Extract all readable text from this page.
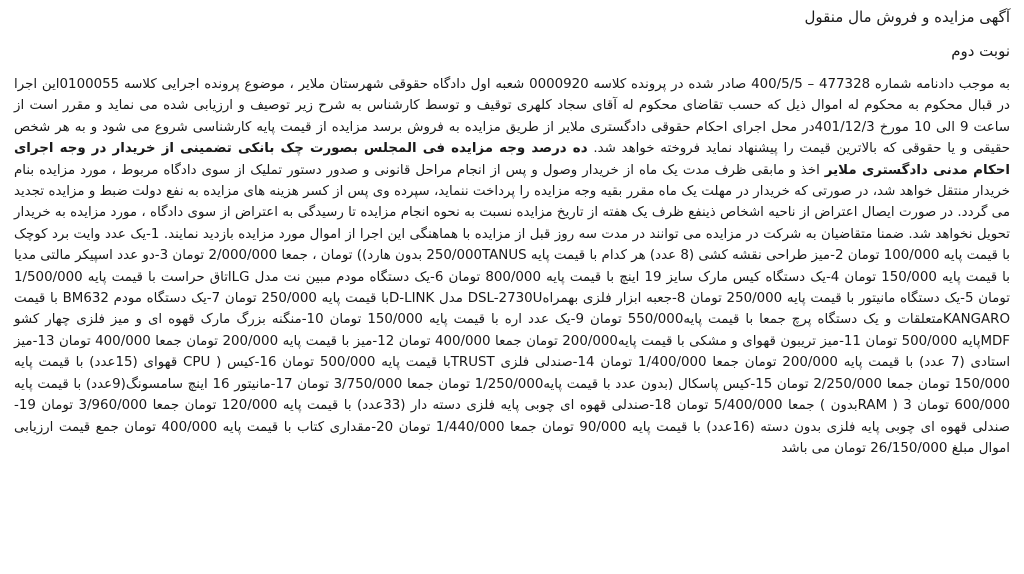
آگهی مزایده و فروش مال منقول

نوبت دوم

به موجب دادنامه شماره 477328 – 400/5/5 صادر شده در پرونده کلاسه 0000920 شعبه اول دادگاه حقوقی شهرستان ملایر ، موضوع پرونده اجرایی کلاسه 0100055این اجرا در قبال محکوم به محکوم له اموال ذیل که حسب تقاضای محکوم له آقای سجاد کلهری توقیف و توسط کارشناس به شرح زیر توصیف و ارزیابی شده می نماید و مقرر است از ساعت 9 الی 10 مورخ 401/12/3در محل اجرای احکام حقوقی دادگستری ملایر از طریق مزایده به فروش برسد مزایده از قیمت پایه کارشناسی شروع می شود و به هر شخص حقیقی و یا حقوقی که بالاترین قیمت را پیشنهاد نماید فروخته خواهد شد. ده درصد وجه مزایده فی المجلس بصورت چک بانکی تضمینی از خریدار در وجه اجرای احکام مدنی دادگستری ملایر اخذ و مابقی ظرف مدت یک ماه از خریدار وصول و پس از انجام مراحل قانونی و صدور دستور تملیک از سوی دادگاه مربوط ، مورد مزایده بنام خریدار منتقل خواهد شد، در صورتی که خریدار در مهلت یک ماه مقرر بقیه وجه مزایده را پرداخت ننماید، سپرده وی پس از کسر هزینه های مزایده به نفع دولت ضبط و مزایده تجدید می گردد. در صورت ایصال اعتراض از ناحیه اشخاص ذینفع ظرف یک هفته از تاریخ مزایده نسبت به نحوه انجام مزایده تا رسیدگی به اعتراض از سوی دادگاه ، مورد مزایده به خریدار تحویل نخواهد شد. ضمنا متقاضیان به شرکت در مزایده می توانند در مدت سه روز قبل از مزایده با هماهنگی این اجرا از اموال مورد مزایده بازدید نمایند. 1-یک عدد وایت برد کوچک با قیمت پایه 100/000 تومان 2-میز طراحی نقشه کشی (8 عدد) هر کدام با قیمت پایه 250/000TANUS بدون هارد)) تومان ، جمعا 2/000/000 تومان 3-دو عدد اسپیکر مالتی مدیا با قیمت پایه 150/000 تومان 4-یک دستگاه کیس مارک سایز 19 اینچ با قیمت پایه 800/000 تومان 6-یک دستگاه مودم مبین نت مدل LGاتاق حراست با قیمت پایه 1/500/000 تومان 5-یک دستگاه مانیتور با قیمت پایه 250/000 تومان 8-جعبه ابزار فلزی بهمراهDSL-2730U مدل D-LINKبا قیمت پایه 250/000 تومان 7-یک دستگاه مودم BM632 با قیمت KANGAROمتعلقات و یک دستگاه پرچ جمعا با قیمت پایه550/000 تومان 9-یک عدد اره با قیمت پایه 150/000 تومان 10-منگنه بزرگ مارک قهوه ای و میز فلزی چهار کشو MDFپایه 500/000 تومان 11-میز تریبون قهوای و مشکی با قیمت پایه200/000 تومان جمعا 400/000 تومان 12-میز با قیمت پایه 200/000 تومان جمعا 400/000 تومان 13-میز استادی (7 عدد) با قیمت پایه 200/000 تومان جمعا 1/400/000 تومان 14-صندلی فلزی TRUSTبا قیمت پایه 500/000 تومان 16-کیس ( CPU قهوای (15عدد) با قیمت پایه 150/000 تومان جمعا 2/250/000 تومان 15-کیس پاسکال (بدون عدد با قیمت پایه1/250/000 تومان جمعا 3/750/000 تومان 17-مانیتور 16 اینچ سامسونگ(9عدد) با قیمت پایه 600/000 تومان 3 ( RAMبدون ) جمعا 5/400/000 تومان 18-صندلی قهوه ای چوبی پایه فلزی دسته دار (33عدد) با قیمت پایه 120/000 تومان جمعا 3/960/000 تومان 19-صندلی قهوه ای چوبی پایه فلزی بدون دسته (16عدد) با قیمت پایه 90/000 تومان جمعا 1/440/000 تومان 20-مقداری کتاب با قیمت پایه 400/000 تومان جمع قیمت ارزیابی اموال مبلغ 26/150/000 تومان می باشد
